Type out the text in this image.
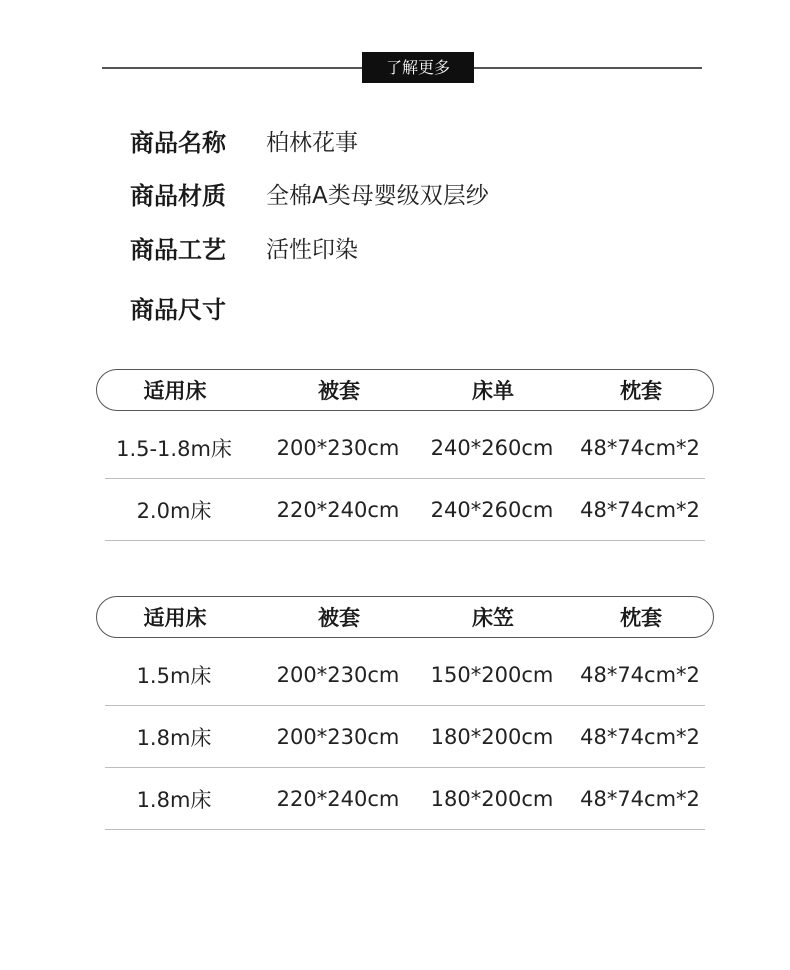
了解更多
商品名称	柏林花事
商品材质	全棉A类母婴级双层纱
商品工艺	活性印染
商品尺寸
适用床	被套	床单	枕套
1.5-1.8m床 200*230cm 240*260cm 48*74cm*2
2.0m床	220*240cm 240*260cm 48*74cm*2
适用床	被套	床笠	枕套
1.5m床	200*230cm 150*200cm 48*74cm*2
1.8m床	200*230cm 180*200cm 48*74cm*2
1.8m床	220*240cm 180*200cm 48*74cm*2
